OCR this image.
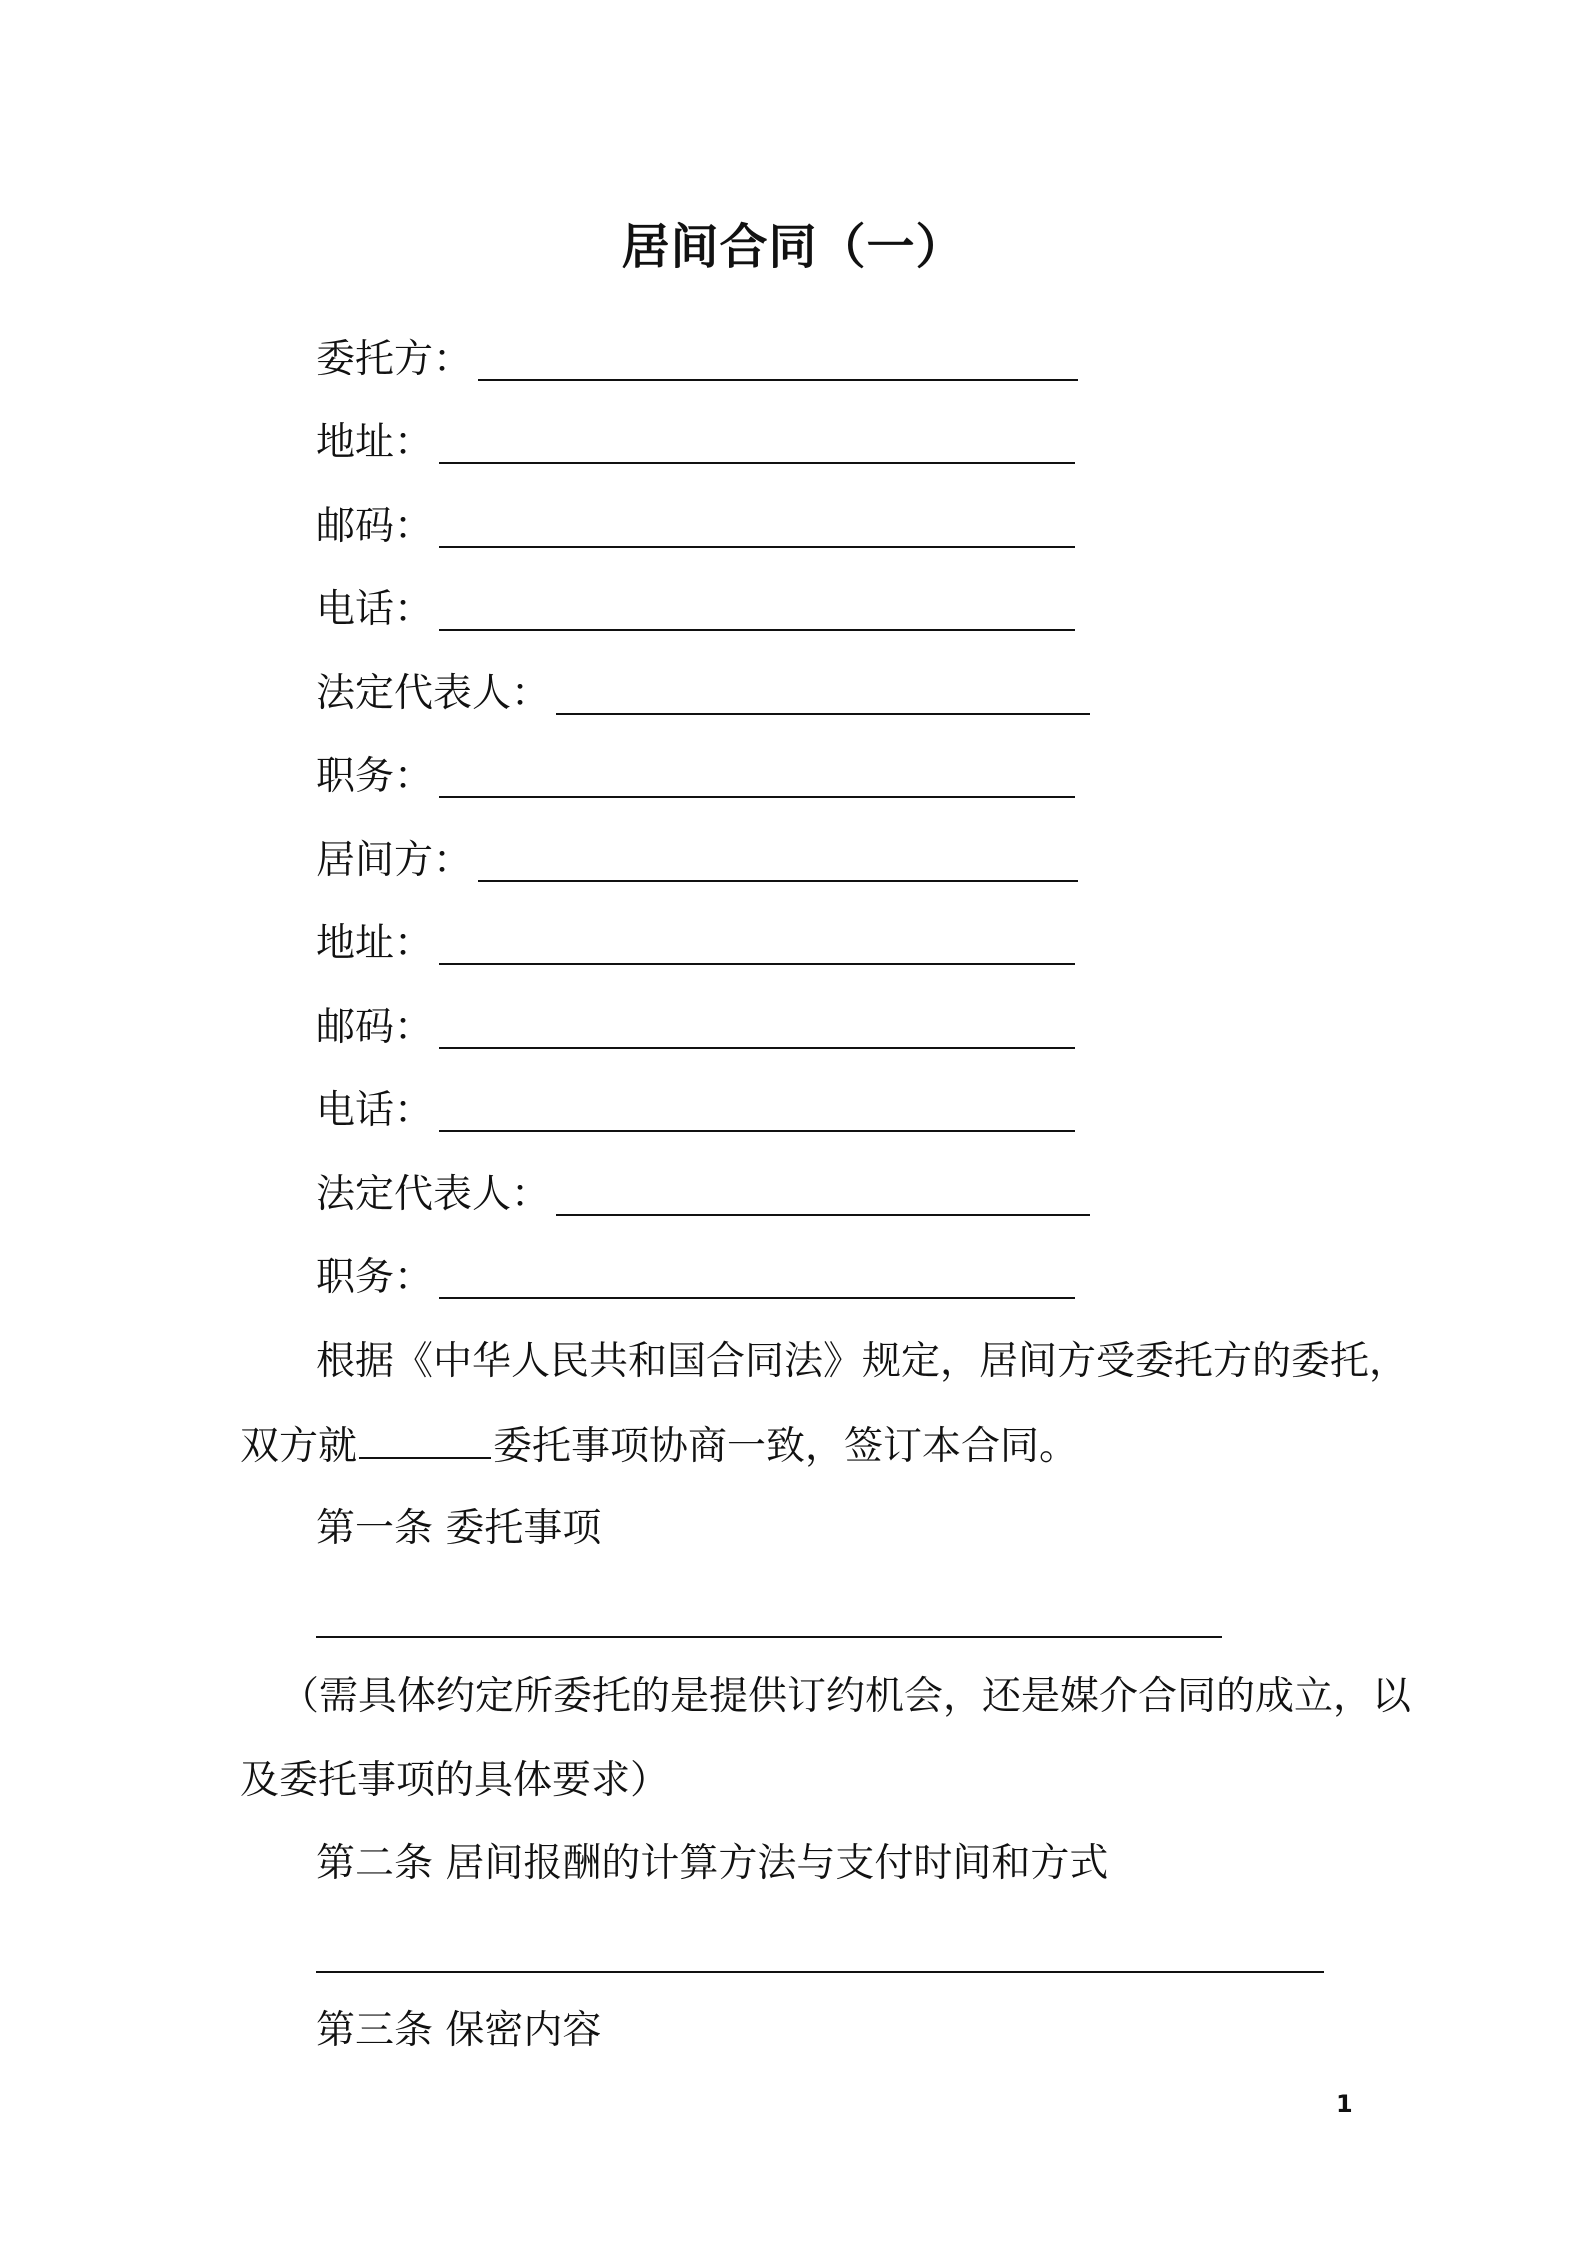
居间合同（一）
委托方：
地址：
邮码：
电话：
法定代表人：
职务：
居间方：
地址：
邮码：
电话：
法定代表人：
职务：
根据《中华人民共和国合同法》规定，居间方受委托方的委托，
双方就	委托事项协商一致，签订本合同。
第一条 委托事项
（需具体约定所委托的是提供订约机会，还是媒介合同的成立，以
及委托事项的具体要求）
第二条 居间报酬的计算方法与支付时间和方式
第三条 保密内容
1
